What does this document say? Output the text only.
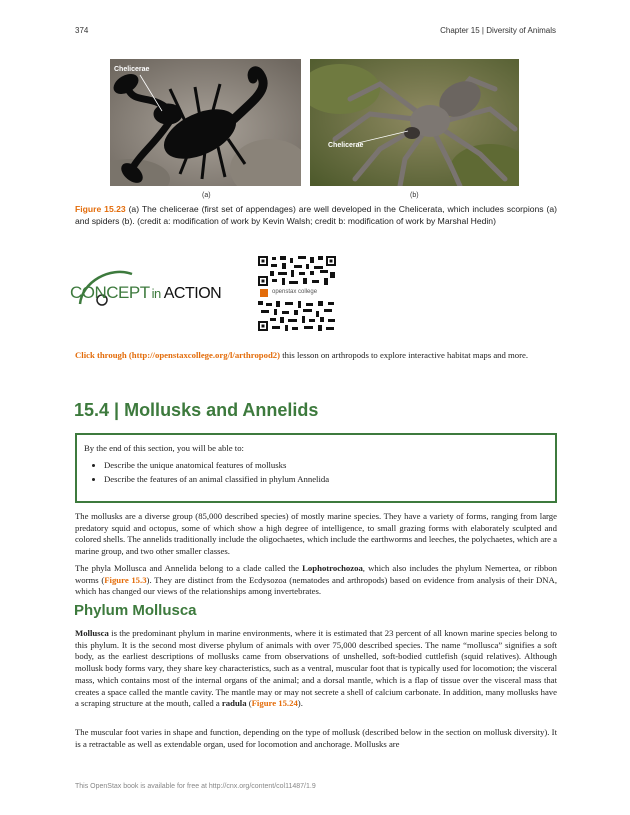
374	Chapter 15 | Diversity of Animals
Chelicerae
Chelicerae
(a)	(b)
Figure 15.23 (a) The chelicerae (first set of appendages) are well developed in the Chelicerata, which includes scorpions (a) and spiders (b). (credit a: modification of work by Kevin Walsh; credit b: modification of work by Marshal Hedin)
CONCEPT in ACTION	openstax college
Click through (http://openstaxcollege.org/l/arthropod2) this lesson on arthropods to explore interactive habitat maps and more.
15.4 | Mollusks and Annelids
By the end of this section, you will be able to:
• Describe the unique anatomical features of mollusks
• Describe the features of an animal classified in phylum Annelida
The mollusks are a diverse group (85,000 described species) of mostly marine species. They have a variety of forms, ranging from large predatory squid and octopus, some of which show a high degree of intelligence, to small grazing forms with elaborately sculpted and colored shells. The annelids traditionally include the oligochaetes, which include the earthworms and leeches, the polychaetes, which are a marine group, and two other smaller classes.
The phyla Mollusca and Annelida belong to a clade called the Lophotrochozoa, which also includes the phylum Nemertea, or ribbon worms (Figure 15.3). They are distinct from the Ecdysozoa (nematodes and arthropods) based on evidence from analysis of their DNA, which has changed our views of the relationships among invertebrates.
Phylum Mollusca
Mollusca is the predominant phylum in marine environments, where it is estimated that 23 percent of all known marine species belong to this phylum. It is the second most diverse phylum of animals with over 75,000 described species. The name “mollusca” signifies a soft body, as the earliest descriptions of mollusks came from observations of unshelled, soft-bodied cuttlefish (squid relatives). Although mollusk body forms vary, they share key characteristics, such as a ventral, muscular foot that is typically used for locomotion; the visceral mass, which contains most of the internal organs of the animal; and a dorsal mantle, which is a flap of tissue over the visceral mass that creates a space called the mantle cavity. The mantle may or may not secrete a shell of calcium carbonate. In addition, many mollusks have a scraping structure at the mouth, called a radula (Figure 15.24).
The muscular foot varies in shape and function, depending on the type of mollusk (described below in the section on mollusk diversity). It is a retractable as well as extendable organ, used for locomotion and anchorage. Mollusks are
This OpenStax book is available for free at http://cnx.org/content/col11487/1.9
